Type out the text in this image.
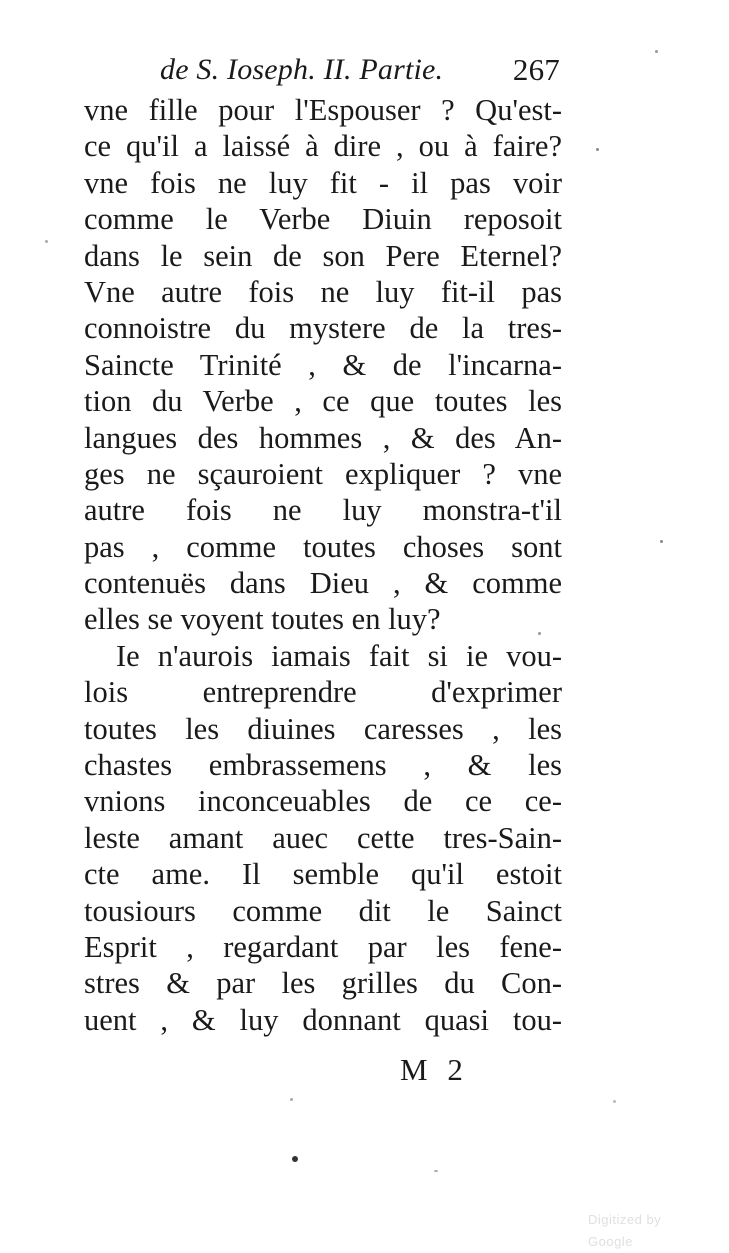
de S. Ioseph. II. Partie. 267
vne fille pour l'Espouser ? Qu'est-
ce qu'il a laissé à dire , ou à faire?
vne fois ne luy fit - il pas voir
comme le Verbe Diuin reposoit
dans le sein de son Pere Eternel?
Vne autre fois ne luy fit-il pas
connoistre du mystere de la tres-
Saincte Trinité , & de l'incarna-
tion du Verbe , ce que toutes les
langues des hommes , & des An-
ges ne sçauroient expliquer ? vne
autre fois ne luy monstra-t'il
pas , comme toutes choses sont
contenuës dans Dieu , & comme
elles se voyent toutes en luy?
Ie n'aurois iamais fait si ie vou-
lois entreprendre d'exprimer
toutes les diuines caresses , les
chastes embrassemens , & les
vnions inconceuables de ce ce-
leste amant auec cette tres-Sain-
cte ame. Il semble qu'il estoit
tousiours comme dit le Sainct
Esprit , regardant par les fene-
stres & par les grilles du Con-
uent , & luy donnant quasi tou-
M 2
Digitized by Google
